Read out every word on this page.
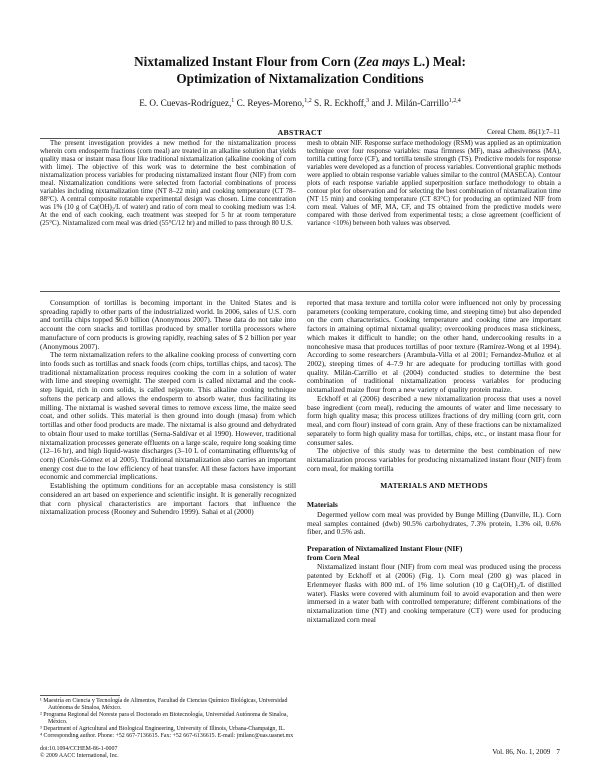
Nixtamalized Instant Flour from Corn (Zea mays L.) Meal:
Optimization of Nixtamalization Conditions
E. O. Cuevas-Rodríguez,$^1$ C. Reyes-Moreno,$^{1,2}$ S. R. Eckhoff,$^3$ and J. Milán-Carrillo$^{1,2,4}$
ABSTRACT	Cereal Chem. 86(1):7–11

The present investigation provides a new method for the nixtamalization process wherein corn endosperm fractions (corn meal) are treated in an alkaline solution that yields quality masa or instant masa flour like traditional nixtamalization (alkaline cooking of corn with lime). The objective of this work was to determine the best combination of nixtamalization process variables for producing nixtamalized instant flour (NIF) from corn meal. Nixtamalization conditions were selected from factorial combinations of process variables including nixtamalization time (NT 8–22 min) and cooking temperature (CT 78–88°C). A central composite rotatable experimental design was chosen. Lime concentration was 1% (10 g of Ca(OH)₂/L of water) and ratio of corn meal to cooking medium was 1:4. At the end of each cooking, each treatment was steeped for 5 hr at room temperature (25°C). Nixtamalized corn meal was dried (55°C/12 hr) and milled to pass through 80 U.S.

mesh to obtain NIF. Response surface methodology (RSM) was applied as an optimization technique over four response variables: masa firmness (MF), masa adhesiveness (MA), tortilla cutting force (CF), and tortilla tensile strength (TS). Predictive models for response variables were developed as a function of process variables. Conventional graphic methods were applied to obtain response variable values similar to the control (MASECA). Contour plots of each response variable applied superposition surface methodology to obtain a contour plot for observation and for selecting the best combination of nixtamalization time (NT 15 min) and cooking temperature (CT 83°C) for producing an optimized NIF from corn meal. Values of MF, MA, CF, and TS obtained from the predictive models were compared with those derived from experimental tests; a close agreement (coefficient of variance <10%) between both values was observed.

Consumption of tortillas is becoming important in the United States and is spreading rapidly to other parts of the industrialized world. In 2006, sales of U.S. corn and tortilla chips topped $6.0 billion (Anonymous 2007). These data do not take into account the corn snacks and tortillas produced by smaller tortilla processors where manufacture of corn products is growing rapidly, reaching sales of $ 2 billion per year (Anonymous 2007).

The term nixtamalization refers to the alkaline cooking process of converting corn into foods such as tortillas and snack foods (corn chips, tortillas chips, and tacos). The traditional nixtamalization process requires cooking the corn in a solution of water with lime and steeping overnight. The steeped corn is called nixtamal and the cook-step liquid, rich in corn solids, is called nejayote. This alkaline cooking technique softens the pericarp and allows the endosperm to absorb water, thus facilitating its milling. The nixtamal is washed several times to remove excess lime, the maize seed coat, and other solids. This material is then ground into dough (masa) from which tortillas and other food products are made. The nixtamal is also ground and dehydrated to obtain flour used to make tortillas (Serna-Saldívar et al 1990). However, traditional nixtamalization processes generate effluents on a large scale, require long soaking time (12–16 hr), and high liquid-waste discharges (3–10 L of contaminating effluents/kg of corn) (Cortés-Gómez et al 2005). Traditional nixtamalization also carries an important energy cost due to the low efficiency of heat transfer. All these factors have important economic and commercial implications.

Establishing the optimum conditions for an acceptable masa consistency is still considered an art based on experience and scientific insight. It is generally recognized that corn physical characteristics are important factors that influence the nixtamalization process (Rooney and Suhendro 1999). Sahai et al (2000)

reported that masa texture and tortilla color were influenced not only by processing parameters (cooking temperature, cooking time, and steeping time) but also depended on the corn characteristics. Cooking temperature and cooking time are important factors in attaining optimal nixtamal quality; overcooking produces masa stickiness, which makes it difficult to handle; on the other hand, undercooking results in a noncohesive masa that produces tortillas of poor texture (Ramírez-Wong et al 1994). According to some researchers (Arambula-Villa et al 2001; Fernandez-Muñoz et al 2002), steeping times of 4–7.9 hr are adequate for producing tortillas with good quality. Milán-Carrillo et al (2004) conducted studies to determine the best combination of traditional nixtamalization process variables for producing nixtamalized maize flour from a new variety of quality protein maize.

Eckhoff et al (2006) described a new nixtamalization process that uses a novel base ingredient (corn meal), reducing the amounts of water and lime necessary to form high quality masa; this process utilizes fractions of dry milling (corn grit, corn meal, and corn flour) instead of corn grain. Any of these fractions can be nixtamalized separately to form high quality masa for tortillas, chips, etc., or instant masa flour for consumer sales.

The objective of this study was to determine the best combination of new nixtamalization process variables for producing nixtamalized instant flour (NIF) from corn meal, for making tortilla

MATERIALS AND METHODS
Materials

Degermed yellow corn meal was provided by Bunge Milling (Danville, IL). Corn meal samples contained (dwb) 90.5% carbohydrates, 7.3% protein, 1.3% oil, 0.6% fiber, and 0.5% ash.

Preparation of Nixtamalized Instant Flour (NIF)
from Corn Meal

Nixtamalized instant flour (NIF) from corn meal was produced using the process patented by Eckhoff et al (2006) (Fig. 1). Corn meal (200 g) was placed in Erlenmeyer flasks with 800 mL of 1% lime solution (10 g Ca(OH)₂/L of distilled water). Flasks were covered with aluminum foil to avoid evaporation and then were immersed in a water bath with controlled temperature; different combinations of the nixtamalization time (NT) and cooking temperature (CT) were used for producing nixtamalized corn meal

¹ Maestría en Ciencia y Tecnología de Alimentos, Facultad de Ciencias Químico Biológicas, Universidad Autónoma de Sinaloa, México.

² Programa Regional del Noreste para el Doctorado en Biotecnología, Universidad Autónoma de Sinaloa, México.

³ Department of Agricultural and Biological Engineering, University of Illinois, Urbana-Champaign, IL.

⁴ Corresponding author. Phone: +52 667-7136615. Fax: +52 667-6136615. E-mail: jmilanc@uas.uasnet.mx

doi:10.1094/CCHEM-86-1-0007
© 2009 AACC International, Inc.
Vol. 86, No. 1, 2009 7
